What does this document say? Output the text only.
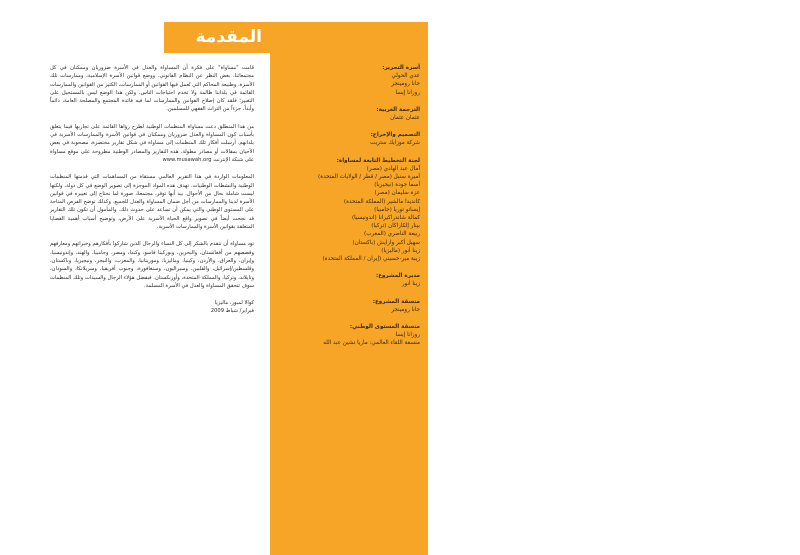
المقدمة
أسرة التحرير:
عدي الحولي
جانا رومينجر
روزانا إيسا
الترجمة العربية:
عثمان عثمان
التصميم والإخراج:
شركة موزايك ستريت
لجنة التخطيط التابعة لمساواة:
آمال عبد الهادي (مصر)
أميرة سنبل (مصر / قطر / الولايات المتحدة)
أسما جودة (نيجيريا)
عزة سليمان (مصر)
كانديدا مالشير (المملكة المتحدة)
إيساتو توريا (جامبيا)
كمالة شاندراكيرانا (اندونيسيا)
بينار إلكاراكان (تركيا)
ربيعة الناصري (المغرب)
سهيل أكبر وارايش (باكستان)
زينا أنور (ماليزيا)
زيبة مير-حسيني (إيران / المملكة المتحدة)
مديرة المشروع:
زينا أنور
منسقة المشروع:
جانا رومينجر
منسقة المستوى الوطني:
روزانا إيسا
منسقة اللقاء العالمي: ماريا تشين عبد الله

قامت "مساواة" على فكرة أن المساواة والعدل في الأسرة ضروريان وممكنان في كل مجتمعاتنا، بغض النظر عن النظام القانوني. ووضع قوانين الأسرة الإسلامية، وممارسات تلك الأسرة، وطبيعة المحاكم التي تُعمل فيها القوانين أو الممارسات، الكثير من القوانين والممارسات القائمة في بلداننا ظالمة ولا تخدم احتياجات الناس. ولكن هذا الوضع ليس بالمستحيل على التغيير؛ فلقد كان إصلاح القوانين والممارسات لما فيه فائدة المجتمع والمصلحة العامة، دائماً وأبداً، جزءاً من التراث الفقهي للمسلمين.

من هذا المنطلق دعت مساواة المنظمات الوطنية لطرح رؤاها القائمة على تجاربها فيما يتعلق بأسباب كون المساواة والعدل ضروريان وممكنان في قوانين الأسرة والممارسات الأسرية في بلدانهم. أرسلت أفكار تلك المنظمات إلى مساواة في شكل تقارير مختصرة، مصحوبة في بعض الأحيان بمقالات أو مصادر مطولة. هذه التقارير والمصادر الوطنية مطروحة على موقع مساواة على شبكة الإنترنت www.musawah.org

المعلومات الواردة في هذا التقرير العالمي مستقاة من المساهمات التي قدمتها المنظمات الوطنية والنشطات الوطنيات. تهدف هذه المواد الموجزة إلى تصوير الوضع في كل دولة، ولكنها ليست شاملة بحال من الأحوال. بيد أنها توفر، مجتمعةً، صورة لما نحتاج إلى تغييره في قوانين الأسرة لدينا والممارسات من أجل ضمان المساواة والعدل للجميع. وكذلك توضح الفرص المتاحة على المستوى الوطني والتي يمكن أن تساعد على حدوث ذلك. والمأمول أن تكون تلك التقارير قد نجحت أيضاً في تصوير واقع الحياة الأسرية على الأرض، وتوضيح أسباب أهمية القضايا المتعلقة بقوانين الأسرة والممارسات الأسرية.

تود مساواة أن تتقدم بالشكر إلى كل النساء والرجال الذين شاركوا بأفكارهم وخبراتهم ومعارفهم وقصصهم من أفغانستان، والبحرين، وبوركينا فاسو، وكندا، ومصر، وجامبيا، والهند، وإندونيسيا، وإيران، والعراق، والأردن، وكينيا، وماليزيا، وموريتانيا، والمغرب، والنيجر، ونيجيريا، وباكستان، وفلسطين/إسرائيل، والفلبين، وسيراليون، وسنغافورة، وجنوب أفريقيا، وسريلانكا، والسودان، وتايلاند، وتركيا، والمملكة المتحدة، وأوزبكستان. فبفضل هؤلاء الرجال والسيدات وتلك المنظمات سوف تتحقق المساواة والعدل في الأسرة المسلمة.

كوالا لمبور، ماليزيا
فبراير/ شباط 2009
